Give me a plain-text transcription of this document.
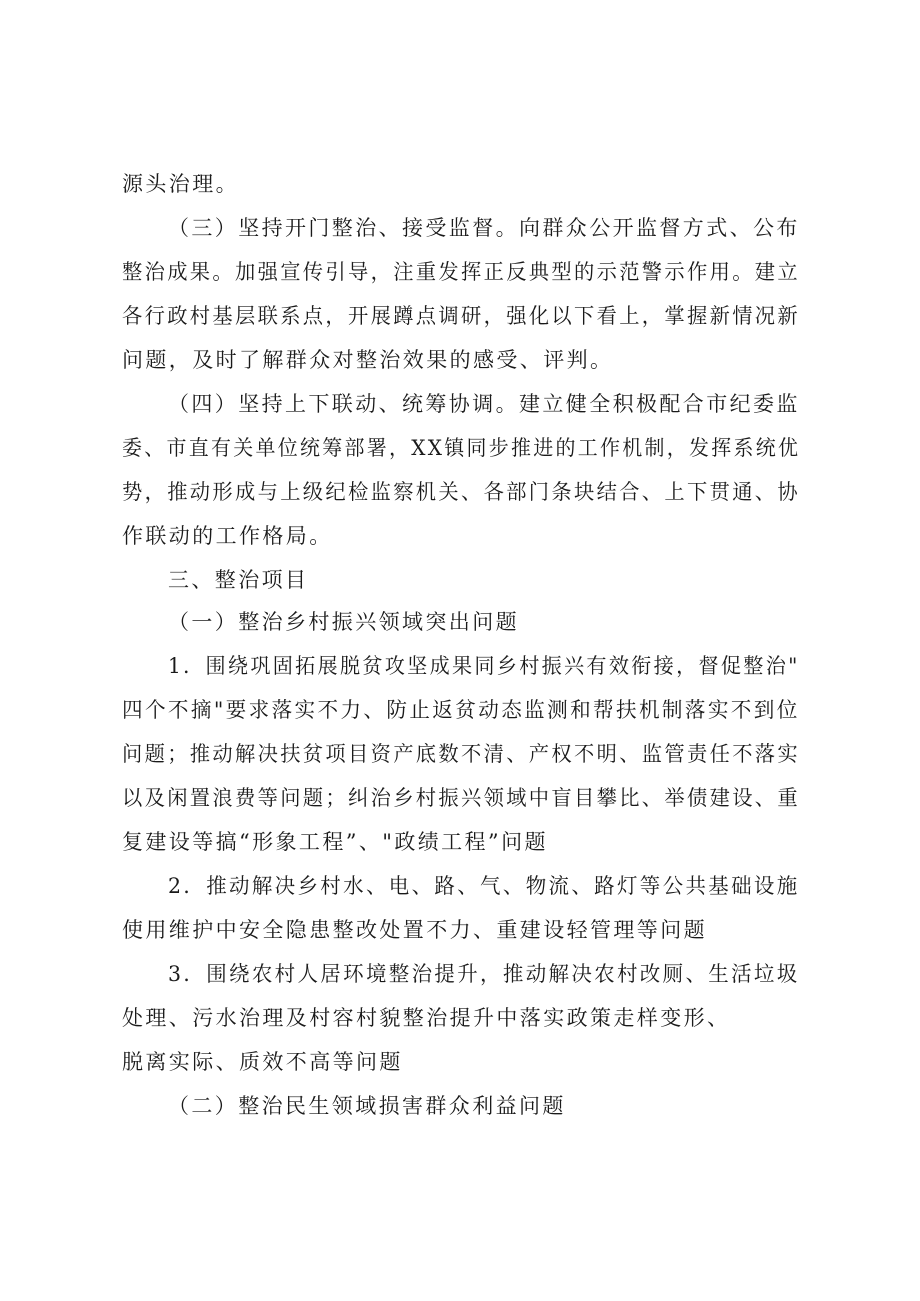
源头治理。
（三）坚持开门整治、接受监督。向群众公开监督方式、公布
整治成果。加强宣传引导，注重发挥正反典型的示范警示作用。建立
各行政村基层联系点，开展蹲点调研，强化以下看上，掌握新情况新
问题，及时了解群众对整治效果的感受、评判。
（四）坚持上下联动、统筹协调。建立健全积极配合市纪委监
委、市直有关单位统筹部署，XX镇同步推进的工作机制，发挥系统优
势，推动形成与上级纪检监察机关、各部门条块结合、上下贯通、协
作联动的工作格局。
三、整治项目
（一）整治乡村振兴领域突出问题
1．围绕巩固拓展脱贫攻坚成果同乡村振兴有效衔接，督促整治"
四个不摘"要求落实不力、防止返贫动态监测和帮扶机制落实不到位
问题；推动解决扶贫项目资产底数不清、产权不明、监管责任不落实
以及闲置浪费等问题；纠治乡村振兴领域中盲目攀比、举债建设、重
复建设等搞“形象工程”、"政绩工程”问题
2．推动解决乡村水、电、路、气、物流、路灯等公共基础设施
使用维护中安全隐患整改处置不力、重建设轻管理等问题
3．围绕农村人居环境整治提升，推动解决农村改厕、生活垃圾
处理、污水治理及村容村貌整治提升中落实政策走样变形、
脱离实际、质效不高等问题
（二）整治民生领域损害群众利益问题
